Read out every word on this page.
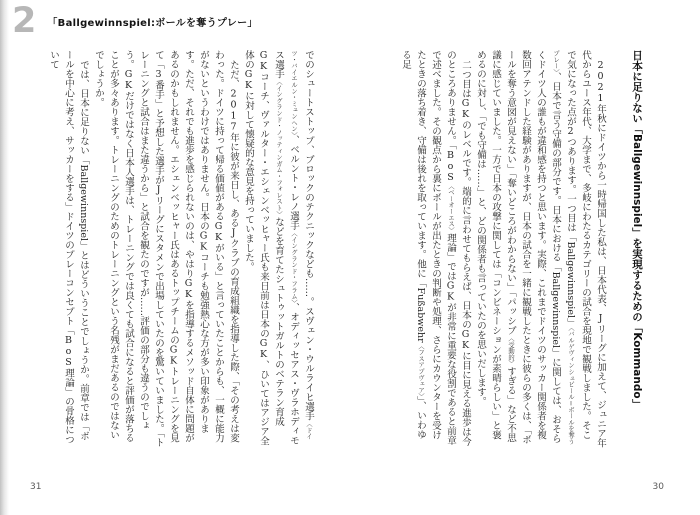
2 「Ballgewinnspiel:ボールを奪うプレー」
日本に足りない「Ballgewinnspiel」を実現するための「Kommando」

2021年秋にドイツから一時帰国した私は、日本代表、Jリーグに加えて、ジュニア年代からユース年代、大学まで、多岐にわたるカテゴリーの試合を現地で観戦しました。そこで気になった点が2つあります。一つ目は「Ballgewinnspiel」〈バルゲヴィンシュピール＝ボールを奪うプレー〉、日本で言う守備の部分です。日本における「Ballgewinnspiel」に関しては、おそらくドイツ人の誰もが違和感を持つと思います。実際、これまでドイツのサッカー関係者を複数回アテンドした経験がありますが、日本の試合を一緒に観戦したときに彼らの多くは、「ボールを奪う意図が見えない」「奪いどころがわからない」「パッシブ〈受動的〉すぎる」など不思議に感じていました。一方で日本の攻撃に関しては「コンビネーションが素晴らしい」と褒めるのに対し、「でも守備は……」と、どの関係者も言っていたのを思いだします。

二つ目はGKのレベルです。端的に言わせてもらえば、日本のGKに目に見える進歩は今のところありません。「BoS〈ベーオーエス〉理論」ではGKが非常に重要な役割であると前章で述べました。その観点から裏にボールが出たときの判断や処理、さらにカウンターを受けたときの落ち着き、守備は後れを取っています。他に「Fußabwehr〈フスアプヴェア〉」、いわゆる足

でのシュートストップ、ブロックのテクニックなども……。スヴェン・ウルライヒ選手〈ドイツ・バイエルン・ミュンヘン〉、ベルント・レノ選手〈イングランド・フラム〉、オディッセアス・ヴラホディモス選手〈イングランド・ノッティンガム・フォレスト〉などを育てたシュトゥットガルトのベテラン育成GKコーチ、ヴァルター・エシェンベッヒャー氏も来日前は日本のGK、ひいてはアジア全体のGKに対して懐疑的な意見を持っていました。

ただ、2017年に彼が来日し、あるJクラブの育成組織を指導した際、「その考えは変わった。ドイツに持って帰る価値があるGKがいる」と言っていたことからも、一概に能力がないというわけではありません。日本のGKコーチも勉強熱心な方が多い印象があります。ただ、それでも進歩を感じられないのは、やはりGKを指導するメソッド自体に問題があるのかもしれません。エシェンベッヒャー氏はあるトップチームのGKトレーニングを見て「3番手」と予想した選手がJリーグにスタメンで出場していたのを驚いていました。「トレーニングと試合はまた違うから」と試合を観たのですが……評価の部分も違うのでしょう。GKだけではなく日本人選手は、トレーニングでは良くても試合になると評価が落ちることが多々あります。トレーニングのためのトレーニングという名残がまだあるのではないでしょうか。

では、日本に足りない「Ballgewinnspiel」とはどういうことでしょうか。前章では「ボールを中心に考え、サッカーをする」ドイツのプレーコンセプト「BoS理論」の骨格について

31	30
